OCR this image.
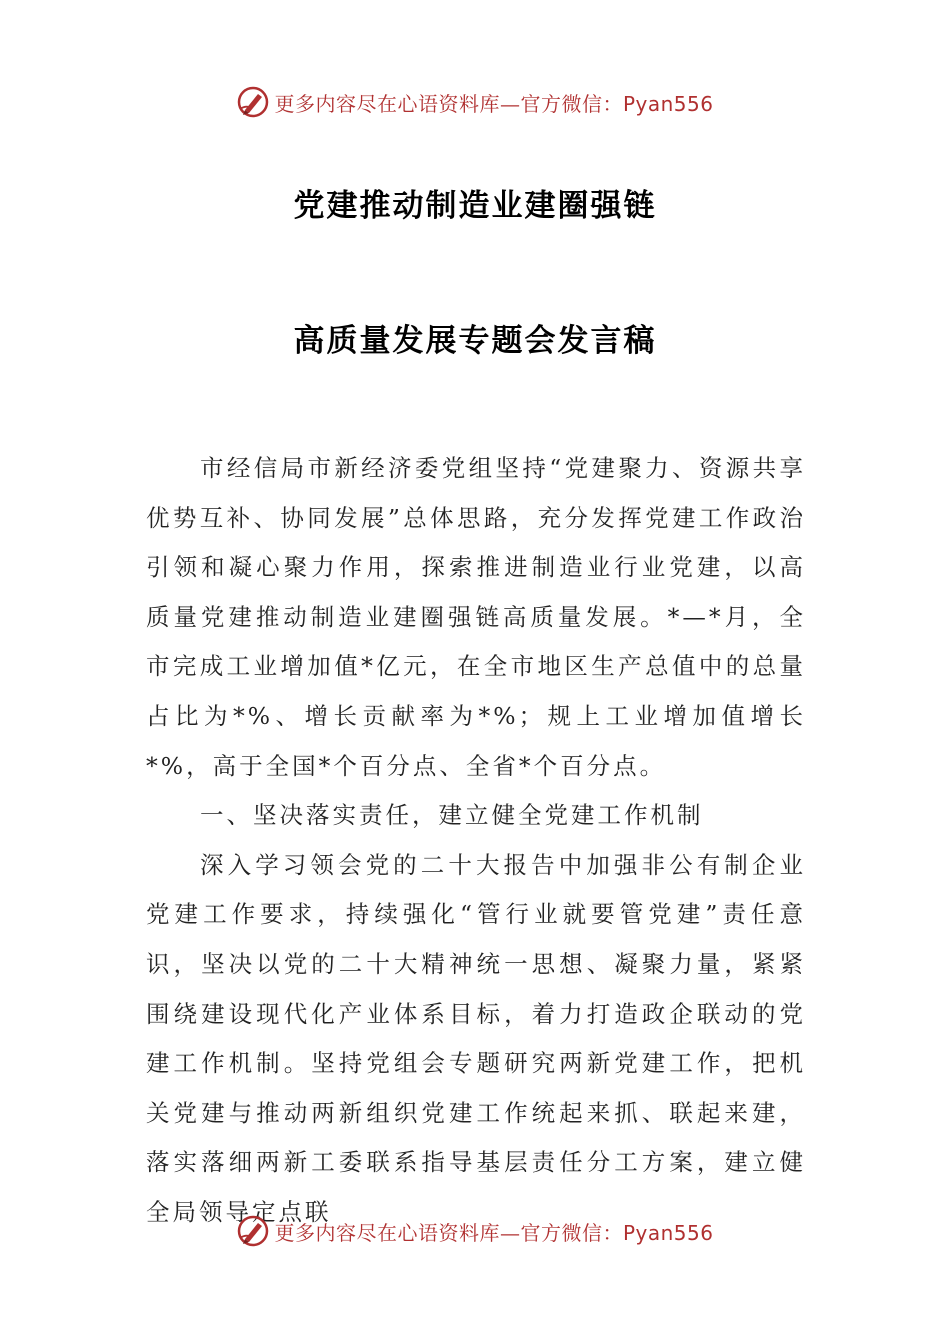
更多内容尽在心语资料库—官方微信：Pyan556
党建推动制造业建圈强链
高质量发展专题会发言稿

市经信局市新经济委党组坚持“党建聚力、资源共享优势互补、协同发展”总体思路，充分发挥党建工作政治引领和凝心聚力作用，探索推进制造业行业党建，以高质量党建推动制造业建圈强链高质量发展。*—*月，全市完成工业增加值*亿元，在全市地区生产总值中的总量占比为*%、增长贡献率为*%；规上工业增加值增长*%，高于全国*个百分点、全省*个百分点。

一、坚决落实责任，建立健全党建工作机制

深入学习领会党的二十大报告中加强非公有制企业党建工作要求，持续强化“管行业就要管党建”责任意识，坚决以党的二十大精神统一思想、凝聚力量，紧紧围绕建设现代化产业体系目标，着力打造政企联动的党建工作机制。坚持党组会专题研究两新党建工作，把机关党建与推动两新组织党建工作统起来抓、联起来建，落实落细两新工委联系指导基层责任分工方案，建立健全局领导定点联

更多内容尽在心语资料库—官方微信：Pyan556
